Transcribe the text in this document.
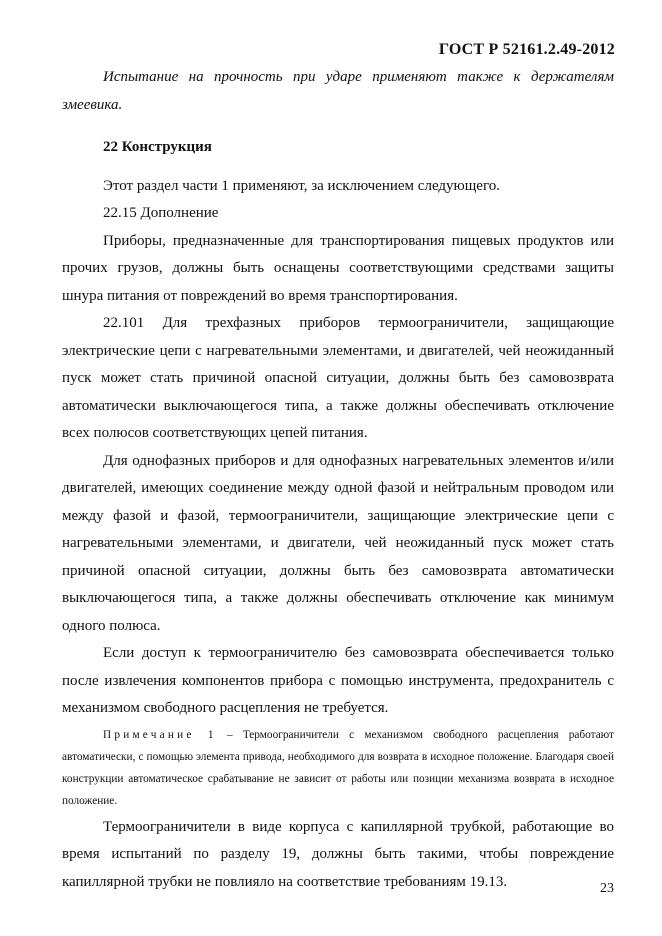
ГОСТ Р 52161.2.49-2012

Испытание на прочность при ударе применяют также к держателям змеевика.

22 Конструкция

Этот раздел части 1 применяют, за исключением следующего.

22.15 Дополнение

Приборы, предназначенные для транспортирования пищевых продуктов или прочих грузов, должны быть оснащены соответствующими средствами защиты шнура питания от повреждений во время транспортирования.

22.101 Для трехфазных приборов термоограничители, защищающие электрические цепи с нагревательными элементами, и двигателей, чей неожиданный пуск может стать причиной опасной ситуации, должны быть без самовозврата автоматически выключающегося типа, а также должны обеспечивать отключение всех полюсов соответствующих цепей питания.

Для однофазных приборов и для однофазных нагревательных элементов и/или двигателей, имеющих соединение между одной фазой и нейтральным проводом или между фазой и фазой, термоограничители, защищающие электрические цепи с нагревательными элементами, и двигатели, чей неожиданный пуск может стать причиной опасной ситуации, должны быть без самовозврата автоматически выключающегося типа, а также должны обеспечивать отключение как минимум одного полюса.

Если доступ к термоограничителю без самовозврата обеспечивается только после извлечения компонентов прибора с помощью инструмента, предохранитель с механизмом свободного расцепления не требуется.

Примечание 1 – Термоограничители с механизмом свободного расцепления работают автоматически, с помощью элемента привода, необходимого для возврата в исходное положение. Благодаря своей конструкции автоматическое срабатывание не зависит от работы или позиции механизма возврата в исходное положение.

Термоограничители в виде корпуса с капиллярной трубкой, работающие во время испытаний по разделу 19, должны быть такими, чтобы повреждение капиллярной трубки не повлияло на соответствие требованиям 19.13.	23
